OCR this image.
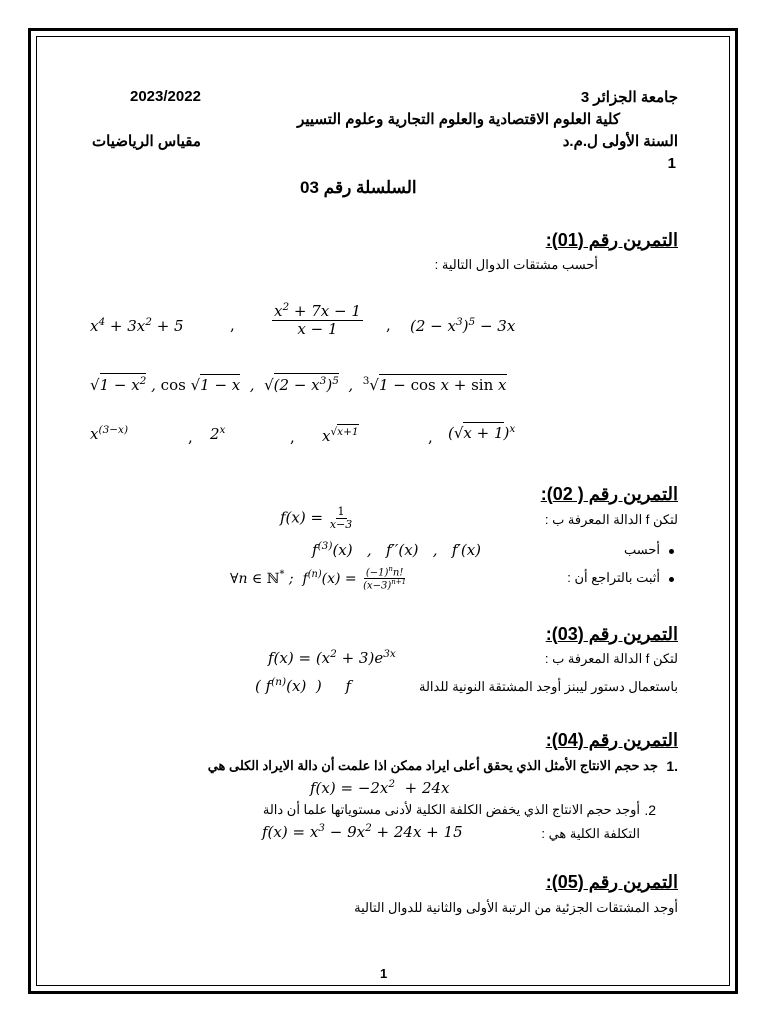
جامعة الجزائر 3
2023/2022
كلية العلوم الاقتصادية والعلوم التجارية وعلوم التسيير
السنة الأولى ل.م.د
مقياس الرياضيات
1
السلسلة رقم 03
التمرين رقم (01):
أحسب مشتقات الدوال التالية :
$x^4 + 3x^2 + 5$	, $\frac{x^2 + 7x - 1}{x - 1}$ , $(2 - x^3)^5 - 3x$
$√1 - x^2$ , cos √1 − x  ,  $√(2 - x^3)^5$  ,  $^3$√1 − cos x + sin x
$x^{(3-x)}$	, 2$^x$	, $x^{√x+1}$	, $(√x + 1)^x$
التمرين رقم ( 02):
لتكن f الدالة المعرفة ب :
$f(x) = \frac{1}{x-3}$
أحسب
$f^{(3)}(x)$   ,   f′′(x)   ,   f′(x)
أثبت بالتراجع أن :
∀n ∈ ℕ* ;  $f^{(n)}(x) = \frac{(-1)^nn!}{(x-3)^{n+1}}$
التمرين رقم (03):
لتكن f الدالة المعرفة ب :
$f(x) = (x^2 + 3)e^{3x}$
باستعمال دستور ليبنز أوجد المشتقة النونية للدالة
( $f^{(n)}(x)$  )     f
التمرين رقم (04):
1.
جد حجم الانتاج الأمثل الذي يحقق أعلى ايراد ممكن اذا علمت أن دالة الايراد الكلى هي
$f(x) = -2x^2 + 24x$
.2
أوجد حجم الانتاج الذي يخفض الكلفة الكلية لأدنى مستوياتها علما أن دالة
التكلفة الكلية هي :
$f(x) = x^3 - 9x^2 + 24x + 15$
التمرين رقم (05):
أوجد المشتقات الجزئية من الرتبة الأولى والثانية للدوال التالية
1
